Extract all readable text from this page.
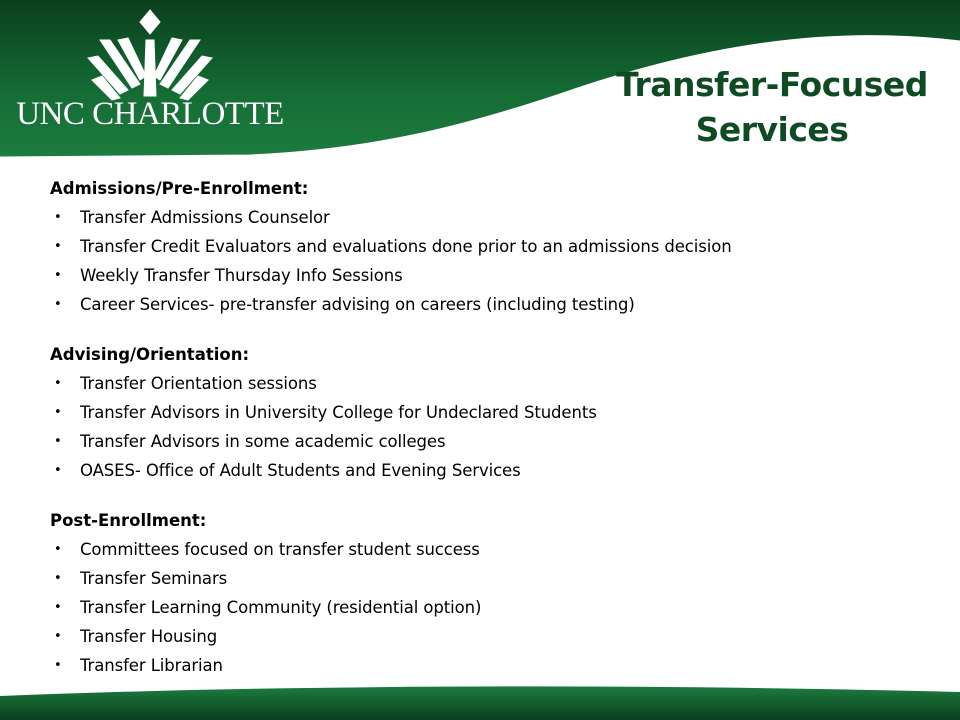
UNC CHARLOTTE
Transfer-Focused
Services

Admissions/Pre-Enrollment:

• Transfer Admissions Counselor
• Transfer Credit Evaluators and evaluations done prior to an admissions decision
• Weekly Transfer Thursday Info Sessions
• Career Services- pre-transfer advising on careers (including testing)

Advising/Orientation:

• Transfer Orientation sessions
• Transfer Advisors in University College for Undeclared Students
• Transfer Advisors in some academic colleges
• OASES- Office of Adult Students and Evening Services

Post-Enrollment:

• Committees focused on transfer student success
• Transfer Seminars
• Transfer Learning Community (residential option)
• Transfer Housing
• Transfer Librarian
